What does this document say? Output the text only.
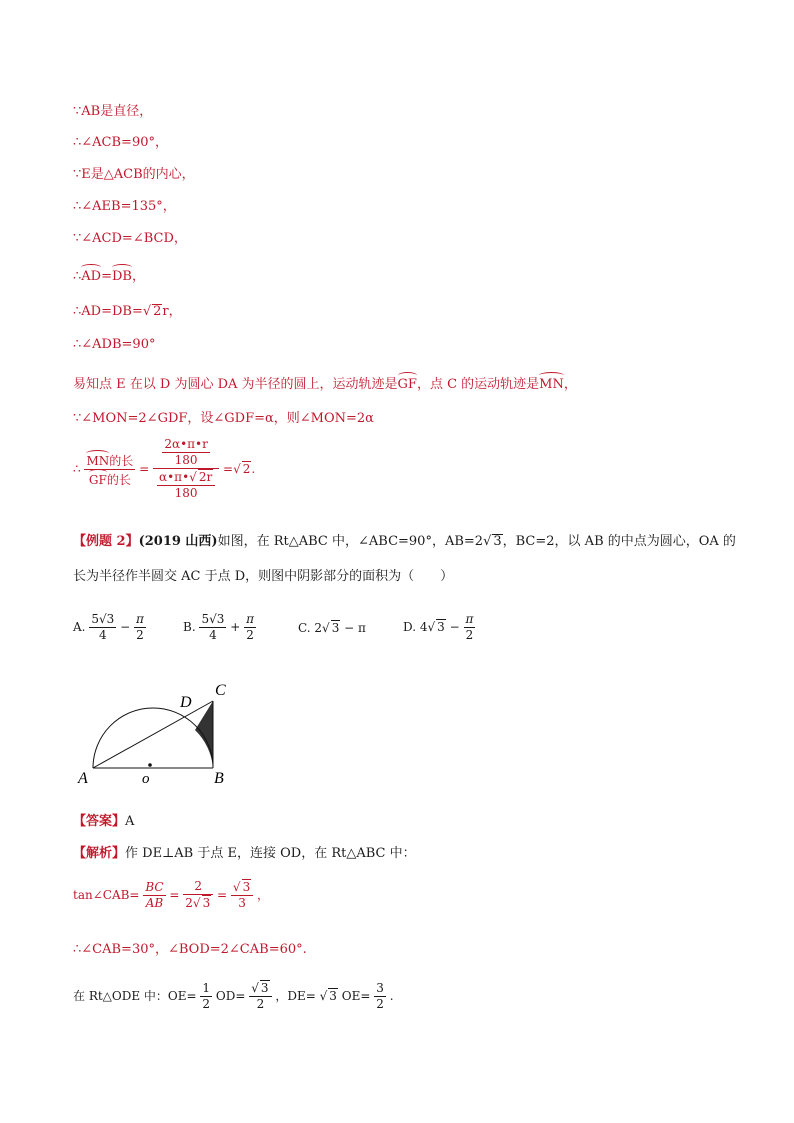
∵AB是直径，
∴∠ACB=90°，
∵E是△ACB的内心，
∴∠AEB=135°，
∵∠ACD=∠BCD，
∴AD=DB，
∴AD=DB=√ 2r，
∴∠ADB=90°
易知点 E 在以 D 为圆心 DA 为半径的圆上，运动轨迹是GF，点 C 的运动轨迹是MN，
∵∠MON=2∠GDF，设∠GDF=α，则∠MON=2α
∴ $\frac{\text{MN的长}}{\text{GF的长}} = \frac{\frac{2\alpha•\pi•r}{180}}{\frac{\alpha•\pi•√ 2r}{180}}$ =√ 2.
【例题 2】(2019 山西)如图，在 Rt△ABC 中，∠ABC=90°，AB=2√ 3，BC=2，以 AB 的中点为圆心，OA 的
长为半径作半圆交 AC 于点 D，则图中阴影部分的面积为（　　）
A. $\frac{5√3}{4} - \frac{\pi}{2}$	B. $\frac{5√3}{4} + \frac{\pi}{2}$	C. 2√ 3 − π	D. 4√ $3 - \frac{\pi}{2}$
A	B
C
D
o
【答案】A
【解析】作 DE⊥AB 于点 E，连接 OD，在 Rt△ABC 中：
tan∠CAB= $\frac{BC}{AB} = \frac{2}{2√ 3} = \frac{√ 3}{3}$ ，
∴∠CAB=30°，∠BOD=2∠CAB=60°.
在 Rt△ODE 中：$OE= \frac{1}{2} OD= \frac{√ 3}{2}$ ，DE= √ 3 $OE= \frac{3}{2}$ .
